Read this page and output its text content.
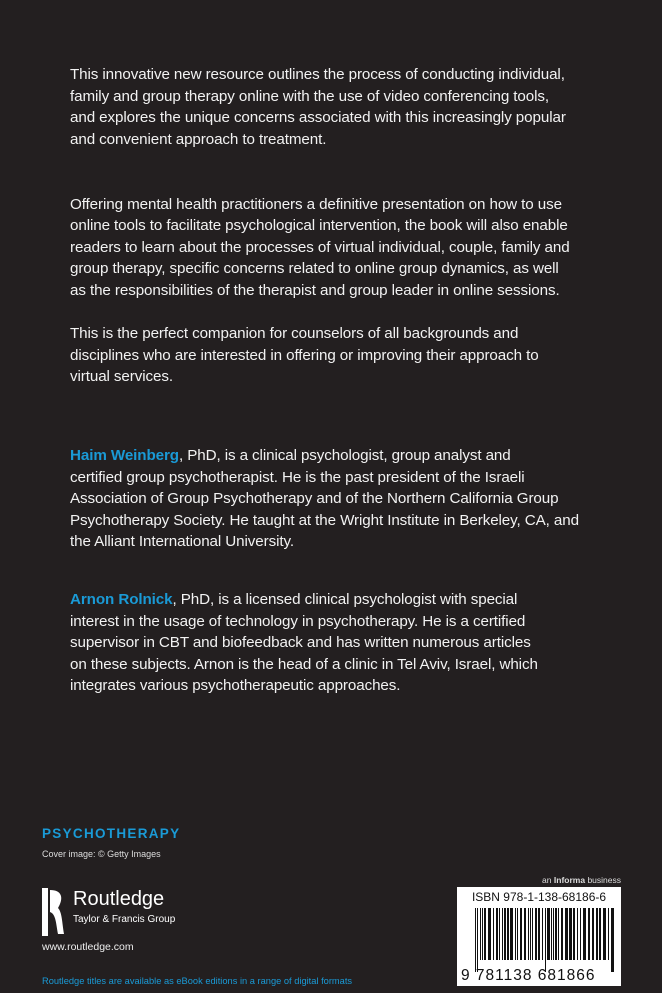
This innovative new resource outlines the process of conducting individual,
family and group therapy online with the use of video conferencing tools,
and explores the unique concerns associated with this increasingly popular
and convenient approach to treatment.
Offering mental health practitioners a definitive presentation on how to use
online tools to facilitate psychological intervention, the book will also enable
readers to learn about the processes of virtual individual, couple, family and
group therapy, specific concerns related to online group dynamics, as well
as the responsibilities of the therapist and group leader in online sessions.
This is the perfect companion for counselors of all backgrounds and
disciplines who are interested in offering or improving their approach to
virtual services.
Haim Weinberg, PhD, is a clinical psychologist, group analyst and
certified group psychotherapist. He is the past president of the Israeli
Association of Group Psychotherapy and of the Northern California Group
Psychotherapy Society. He taught at the Wright Institute in Berkeley, CA, and
the Alliant International University.
Arnon Rolnick, PhD, is a licensed clinical psychologist with special
interest in the usage of technology in psychotherapy. He is a certified
supervisor in CBT and biofeedback and has written numerous articles
on these subjects. Arnon is the head of a clinic in Tel Aviv, Israel, which
integrates various psychotherapeutic approaches.
PSYCHOTHERAPY
Cover image: © Getty Images
Routledge
Taylor & Francis Group
www.routledge.com
Routledge titles are available as eBook editions in a range of digital formats
an Informa business
ISBN 978-1-138-68186-6
9 781138 681866
